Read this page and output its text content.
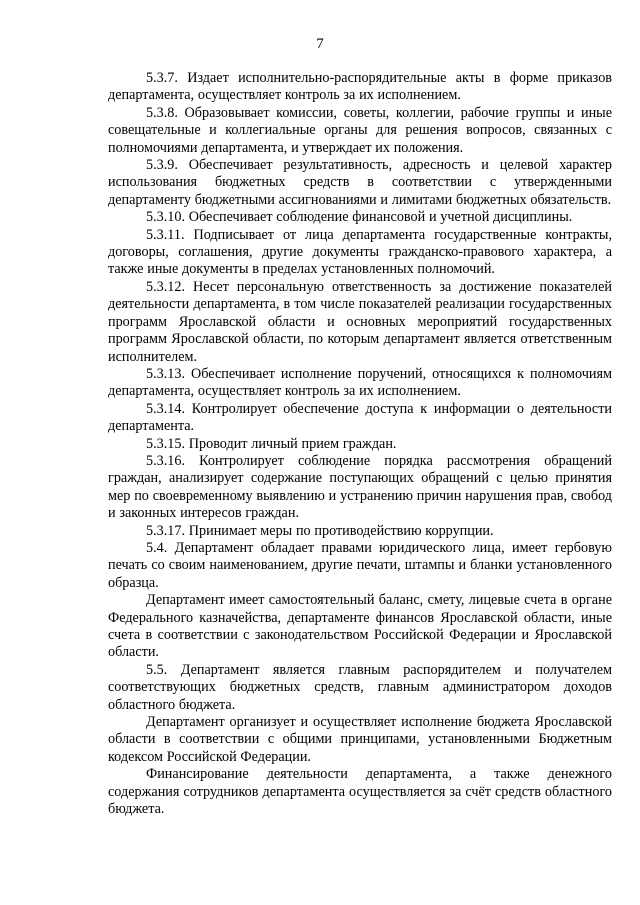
7

5.3.7. Издает исполнительно-распорядительные акты в форме приказов департамента, осуществляет контроль за их исполнением.

5.3.8. Образовывает комиссии, советы, коллегии, рабочие группы и иные совещательные и коллегиальные органы для решения вопросов, связанных с полномочиями департамента, и утверждает их положения.

5.3.9. Обеспечивает результативность, адресность и целевой характер использования бюджетных средств в соответствии с утвержденными департаменту бюджетными ассигнованиями и лимитами бюджетных обязательств.

5.3.10. Обеспечивает соблюдение финансовой и учетной дисциплины.

5.3.11. Подписывает от лица департамента государственные контракты, договоры, соглашения, другие документы гражданско-правового характера, а также иные документы в пределах установленных полномочий.

5.3.12. Несет персональную ответственность за достижение показателей деятельности департамента, в том числе показателей реализации государственных программ Ярославской области и основных мероприятий государственных программ Ярославской области, по которым департамент является ответственным исполнителем.

5.3.13. Обеспечивает исполнение поручений, относящихся к полномочиям департамента, осуществляет контроль за их исполнением.

5.3.14. Контролирует обеспечение доступа к информации о деятельности департамента.

5.3.15. Проводит личный прием граждан.

5.3.16. Контролирует соблюдение порядка рассмотрения обращений граждан, анализирует содержание поступающих обращений с целью принятия мер по своевременному выявлению и устранению причин нарушения прав, свобод и законных интересов граждан.

5.3.17. Принимает меры по противодействию коррупции.

5.4. Департамент обладает правами юридического лица, имеет гербовую печать со своим наименованием, другие печати, штампы и бланки установленного образца.

Департамент имеет самостоятельный баланс, смету, лицевые счета в органе Федерального казначейства, департаменте финансов Ярославской области, иные счета в соответствии с законодательством Российской Федерации и Ярославской области.

5.5. Департамент является главным распорядителем и получателем соответствующих бюджетных средств, главным администратором доходов областного бюджета.

Департамент организует и осуществляет исполнение бюджета Ярославской области в соответствии с общими принципами, установленными Бюджетным кодексом Российской Федерации.

Финансирование деятельности департамента, а также денежного содержания сотрудников департамента осуществляется за счёт средств областного бюджета.
